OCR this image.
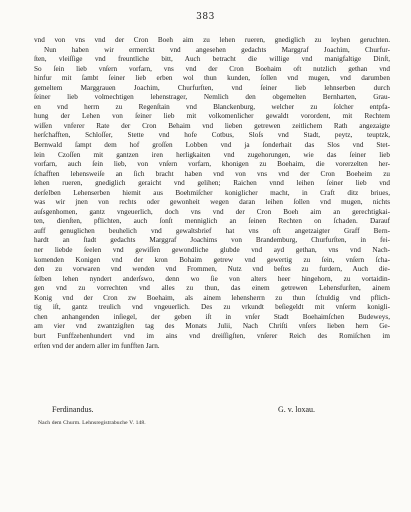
383
vnd von vns vnd der Cron Boeh aim zu lehen rueren, gnediglich zu leyhen geruchten.
Nun haben wir ermerckt vnd angesehen gedachts Marggraf Joachim, Churfur-
ſten, vleiſſige vnd freuntliche bitt, Auch betracht die willige vnd manigfaltige Dinſt,
So ſein lieb vnſern vorfarn, vns vnd der Cron Boehaim oft nutzlich gethan vnd
hinfur mit ſambt ſeiner lieb erben wol thun kunden, ſollen vnd mugen, vnd darumben
gemeltem Marggrauen Joachim, Churfurſten, vnd ſeiner lieb lehnserben durch
ſeiner lieb volmechtigen lehenstrager, Nemlich den obgemelten Bernharten, Grau-
en vnd herrn zu Regenſtain vnd Blanckenburg, welcher zu ſolcher entpfa-
hung der Lehen von ſeiner lieb mit volkomenlicher gewaldt vorordent, mit Rechtem
wiſſen vnferer Rate der Cron Behaim vnd lieben getrewen zeitlichem Rath angezaigte
herſchafften, Schloſſer, Stette vnd hofe Cotbus, Sloſs vnd Stadt, peytz, teuptzk,
Bernwald ſampt dem hof groſſen Lobben vnd ja ſonderhait das Slos vnd Stet-
lein Czoſſen mit gantzen iren herligkaiten vnd zugehorungen, wie das ſeiner lieb
vorfarn, auch ſein lieb, von vnſern vorfarn, khonigen zu Boehaim, die vorerzelten her-
ſchafften lehensweiſe an ſich bracht haben vnd von vns vnd der Cron Boeheim zu
lehen rueren, gnediglich geraicht vnd gelihen; Raichen vnnd leihen ſeiner lieb vnd
derſelben Lehenserben hiemit aus Boehmiſcher koniglicher macht, in Craft ditz briues,
was wir jnen von rechts oder gewonheit wegen daran leihen ſollen vnd mugen, nichts
auſsgenhomen, gantz vngeuerlich, doch vns vnd der Cron Boeh aim an gerechtigkai-
ten, dienſten, pflichten, auch ſonſt menniglich an ſeinen Rechten on ſchaden. Darauf
auff genuglichen beuhelich vnd gewaltsbrief hat vns oft angetzaigter Graff Bern-
hardt an ſtadt gedachts Marggraf Joachims von Brandemburg, Churfurſten, in fei-
ner liebde ſeelen vnd gewiſſen gewondliche glubde vnd ayd gethan, vns vnd Nach-
komenden Konigen vnd der kron Bohaim getrew vnd gewertig zu ſein, vnſern ſcha-
den zu vorwaren vnd wenden vnd Frommen, Nutz vnd beſtes zu furdern, Auch die-
ſelben lehen nyndert anderſswo, denn wo ſie von alters heer hingehorn, zu vortaidin-
gen vnd zu vorrechten vnd alles zu thun, das einem getrewen Lehensfurſten, ainem
Konig vnd der Cron zw Boehaim, als ainem lehensherrn zu thun ſchuldig vnd pflich-
tig iſt, gantz treulich vnd vngeuerlich. Des zu vrkundt beſiegeldt mit vnſerm konigli-
chen anhangenden inſiegel, der geben iſt in vnſer Stadt Boehaimſchen Budeweys,
am vier vnd zwantzigſten tag des Monats Julii, Nach Chriſti vnſers lieben hern Ge-
burt Funffzehenhundert vnd im ains vnd dreiſſigſten, vnſerer Reich des Romiſchen im
erſten vnd der andern aller im funfften Jarn.
Ferdinandus.	G. v. loxau.
Nach dem Churm. Lehnsregistrabuche V. 148.
